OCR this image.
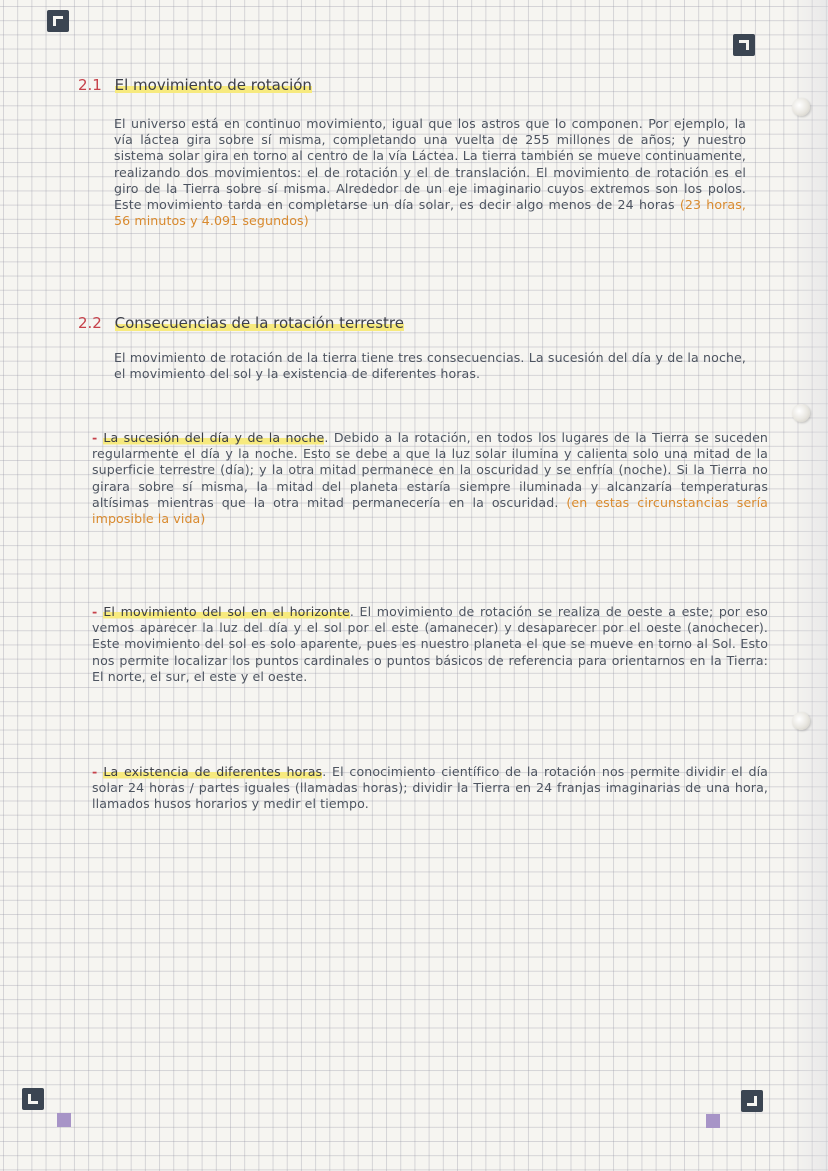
2.1 El movimiento de rotación
El universo está en continuo movimiento, igual que los astros que lo componen. Por ejemplo, la vía láctea gira sobre sí misma, completando una vuelta de 255 millones de años; y nuestro sistema solar gira en torno al centro de la vía Láctea. La tierra también se mueve continuamente, realizando dos movimientos: el de rotación y el de translación. El movimiento de rotación es el giro de la Tierra sobre sí misma. Alrededor de un eje imaginario cuyos extremos son los polos. Este movimiento tarda en completarse un día solar, es decir algo menos de 24 horas (23 horas, 56 minutos y 4.091 segundos)
2.2 Consecuencias de la rotación terrestre
El movimiento de rotación de la tierra tiene tres consecuencias. La sucesión del día y de la noche, el movimiento del sol y la existencia de diferentes horas.
- La sucesión del día y de la noche. Debido a la rotación, en todos los lugares de la Tierra se suceden regularmente el día y la noche. Esto se debe a que la luz solar ilumina y calienta solo una mitad de la superficie terrestre (día); y la otra mitad permanece en la oscuridad y se enfría (noche). Si la Tierra no girara sobre sí misma, la mitad del planeta estaría siempre iluminada y alcanzaría temperaturas altísimas mientras que la otra mitad permanecería en la oscuridad. (en estas circunstancias sería imposible la vida)
- El movimiento del sol en el horizonte. El movimiento de rotación se realiza de oeste a este; por eso vemos aparecer la luz del día y el sol por el este (amanecer) y desaparecer por el oeste (anochecer). Este movimiento del sol es solo aparente, pues es nuestro planeta el que se mueve en torno al Sol. Esto nos permite localizar los puntos cardinales o puntos básicos de referencia para orientarnos en la Tierra: El norte, el sur, el este y el oeste.
- La existencia de diferentes horas. El conocimiento científico de la rotación nos permite dividir el día solar 24 horas / partes iguales (llamadas horas); dividir la Tierra en 24 franjas imaginarias de una hora, llamados husos horarios y medir el tiempo.
